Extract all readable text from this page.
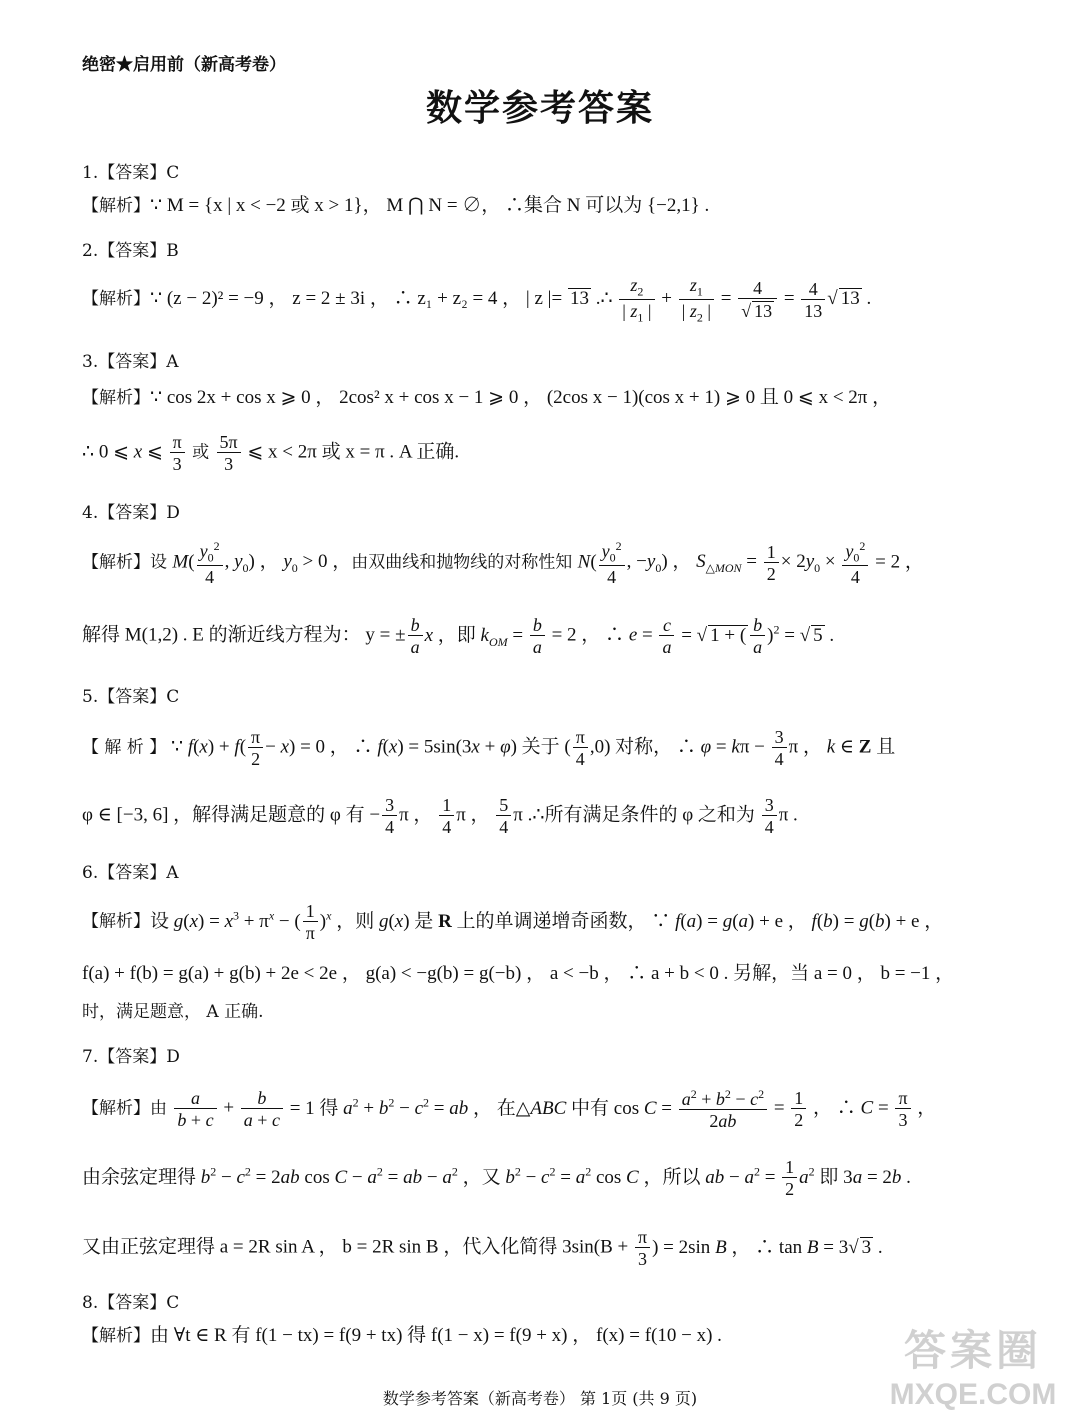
绝密★启用前（新高考卷）
数学参考答案
1.【答案】C
【解析】∵ M = {x | x < −2 或 x > 1}， M ⋂ N = ∅， ∴集合 N 可以为 {−2,1} .
2.【答案】B
【解析】∵ (z − 2)² = −9 ， z = 2 ± 3i ， ∴ z₁ + z₂ = 4 ， | z |= 13 .∴ $\frac{z_2}{| z_1 |} + \frac{z_1}{| z_2 |} = \frac{4}{√ 13} = \frac{4}{13}$ √ 13 .
3.【答案】A
【解析】∵ cos 2x + cos x ⩾ 0 ， 2cos² x + cos x − 1 ⩾ 0 ， (2cos x − 1)(cos x + 1) ⩾ 0 且 0 ⩽ x < 2π ，
∴ 0 ⩽ x ⩽ $\frac{\pi}{3}$ 或 $\frac{5\pi}{3}$ ⩽ x < 2π 或 x = π . A 正确.
4.【答案】D
【解析】设 $M( \frac{y_0^2}{4}$ , $y_0$) ， $y_0 > 0$ ，由双曲线和抛物线的对称性知 $N( \frac{y_0^2}{4}$ , $-y_0$) ， $S_{\triangle MON} = \frac{1}{2} \times 2y_0 \times \frac{y_0^2}{4} = 2$ ，
解得 M(1,2) . E 的渐近线方程为： y = ± $\frac{b}{a}$ x ，即 $k_{OM} = \frac{b}{a} = 2$ ， ∴ $e = \frac{c}{a}$ = √ 1 + ( $\frac{b}{a} )^2$ = √ 5 .
5.【答案】C
【 解 析 】 ∵ $f(x) + f( \frac{\pi}{2} - x) = 0$ ， ∴ f(x) = 5sin(3x + φ) 关于 ( $\frac{\pi}{4} ,0$) 对称， ∴ $\varphi = k\pi - \frac{3}{4}$ π ， k ∈ Z 且
φ ∈ [−3, 6] ，解得满足题意的 φ 有 − $\frac{3}{4}$ π ， $\frac{1}{4}$ π ， $\frac{5}{4}$ π .∴所有满足条件的 φ 之和为 $\frac{3}{4}$ π .
6.【答案】A
【解析】设 $g(x) = x^3 + \pi^x$ − ( $\frac{1}{\pi} )^x$ ，则 g(x) 是 R 上的单调递增奇函数， ∵ f(a) = g(a) + e ， f(b) = g(b) + e ，
f(a) + f(b) = g(a) + g(b) + 2e < 2e ， g(a) < −g(b) = g(−b) ， a < −b ， ∴ a + b < 0 . 另解，当 a = 0 ， b = −1 ，
时，满足题意， A 正确.
7.【答案】D
【解析】由 $\frac{a}{b + c} + \frac{b}{a + c} = 1$ 得 $a^2 + b^2 - c^2$ = ab ， 在△ABC 中有 $\cos C = \frac{a^2 + b^2 - c^2}{2ab} = \frac{1}{2}$ ， ∴ $C = \frac{\pi}{3}$ ，
由余弦定理得 $b^2 - c^2 = 2ab$ $\cos C - a^2$ = ab − $a^2$ ，又 $b^2 - c^2 = a^2$ cos C ，所以 ab − $a^2 = \frac{1}{2} a^2$ 即 3a = 2b .
又由正弦定理得 a = 2R sin A ， b = 2R sin B ，代入化简得 $3\sin(B + \frac{\pi}{3}$ ) = 2sin B ， ∴ tan B = 3√ 3 .
8.【答案】C
【解析】由 ∀t ∈ R 有 f(1 − tx) = f(9 + tx) 得 f(1 − x) = f(9 + x) ， f(x) = f(10 − x) .	答案圈
MXQE.COM
数学参考答案（新高考卷） 第 1页 (共 9 页)
